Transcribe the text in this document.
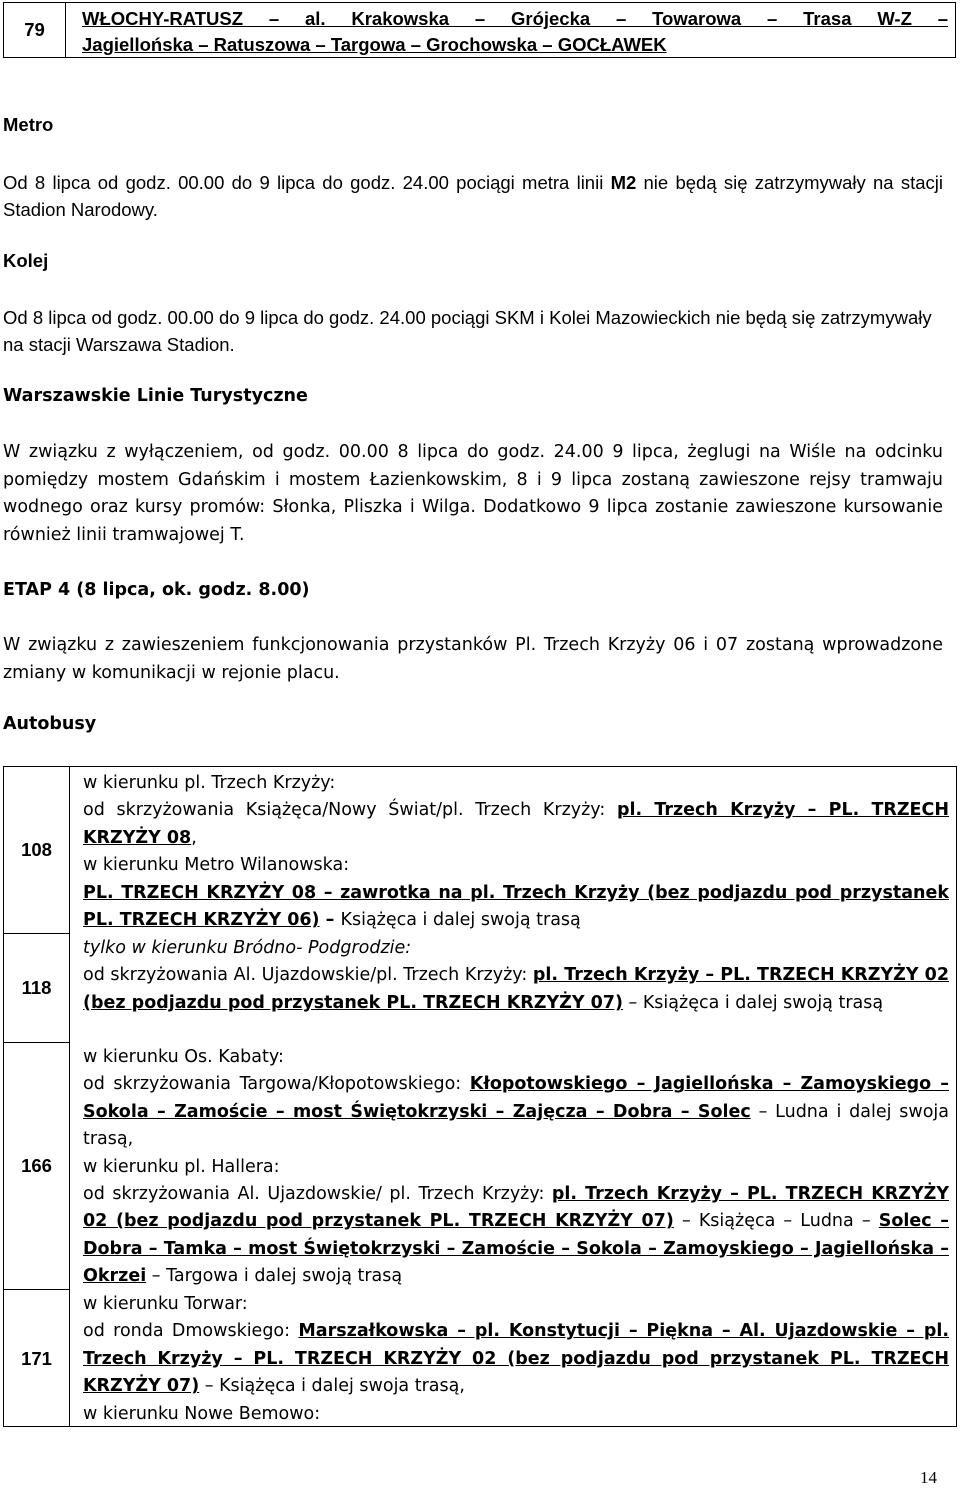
79
WŁOCHY-RATUSZ – al. Krakowska – Grójecka – Towarowa – Trasa W-Z –
Jagiellońska – Ratuszowa – Targowa – Grochowska – GOCŁAWEK
Metro
Od 8 lipca od godz. 00.00 do 9 lipca do godz. 24.00 pociągi metra linii M2 nie będą się zatrzymywały na stacji Stadion Narodowy.
Kolej
Od 8 lipca od godz. 00.00 do 9 lipca do godz. 24.00 pociągi SKM i Kolei Mazowieckich nie będą się zatrzymywały na stacji Warszawa Stadion.
Warszawskie Linie Turystyczne
W związku z wyłączeniem, od godz. 00.00 8 lipca do godz. 24.00 9 lipca, żeglugi na Wiśle na odcinku pomiędzy mostem Gdańskim i mostem Łazienkowskim, 8 i 9 lipca zostaną zawieszone rejsy tramwaju wodnego oraz kursy promów: Słonka, Pliszka i Wilga. Dodatkowo 9 lipca zostanie zawieszone kursowanie również linii tramwajowej T.
ETAP 4 (8 lipca, ok. godz. 8.00)
W związku z zawieszeniem funkcjonowania przystanków Pl. Trzech Krzyży 06 i 07 zostaną wprowadzone zmiany w komunikacji w rejonie placu.
Autobusy
108
118
166
171

w kierunku pl. Trzech Krzyży:

od skrzyżowania Książęca/Nowy Świat/pl. Trzech Krzyży: pl. Trzech Krzyży – PL. TRZECH KRZYŻY 08,

w kierunku Metro Wilanowska:

PL. TRZECH KRZYŻY 08 – zawrotka na pl. Trzech Krzyży (bez podjazdu pod przystanek PL. TRZECH KRZYŻY 06) – Książęca i dalej swoją trasą

tylko w kierunku Bródno- Podgrodzie:

od skrzyżowania Al. Ujazdowskie/pl. Trzech Krzyży: pl. Trzech Krzyży – PL. TRZECH KRZYŻY 02 (bez podjazdu pod przystanek PL. TRZECH KRZYŻY 07) – Książęca i dalej swoją trasą

w kierunku Os. Kabaty:

od skrzyżowania Targowa/Kłopotowskiego: Kłopotowskiego – Jagiellońska – Zamoyskiego – Sokola – Zamoście – most Świętokrzyski – Zajęcza – Dobra – Solec – Ludna i dalej swoja trasą,

w kierunku pl. Hallera:

od skrzyżowania Al. Ujazdowskie/ pl. Trzech Krzyży: pl. Trzech Krzyży – PL. TRZECH KRZYŻY 02 (bez podjazdu pod przystanek PL. TRZECH KRZYŻY 07) – Książęca – Ludna – Solec – Dobra – Tamka – most Świętokrzyski – Zamoście – Sokola – Zamoyskiego – Jagiellońska – Okrzei – Targowa i dalej swoją trasą

w kierunku Torwar:

od ronda Dmowskiego: Marszałkowska – pl. Konstytucji – Piękna – Al. Ujazdowskie – pl. Trzech Krzyży – PL. TRZECH KRZYŻY 02 (bez podjazdu pod przystanek PL. TRZECH KRZYŻY 07) – Książęca i dalej swoja trasą,

w kierunku Nowe Bemowo:

14
